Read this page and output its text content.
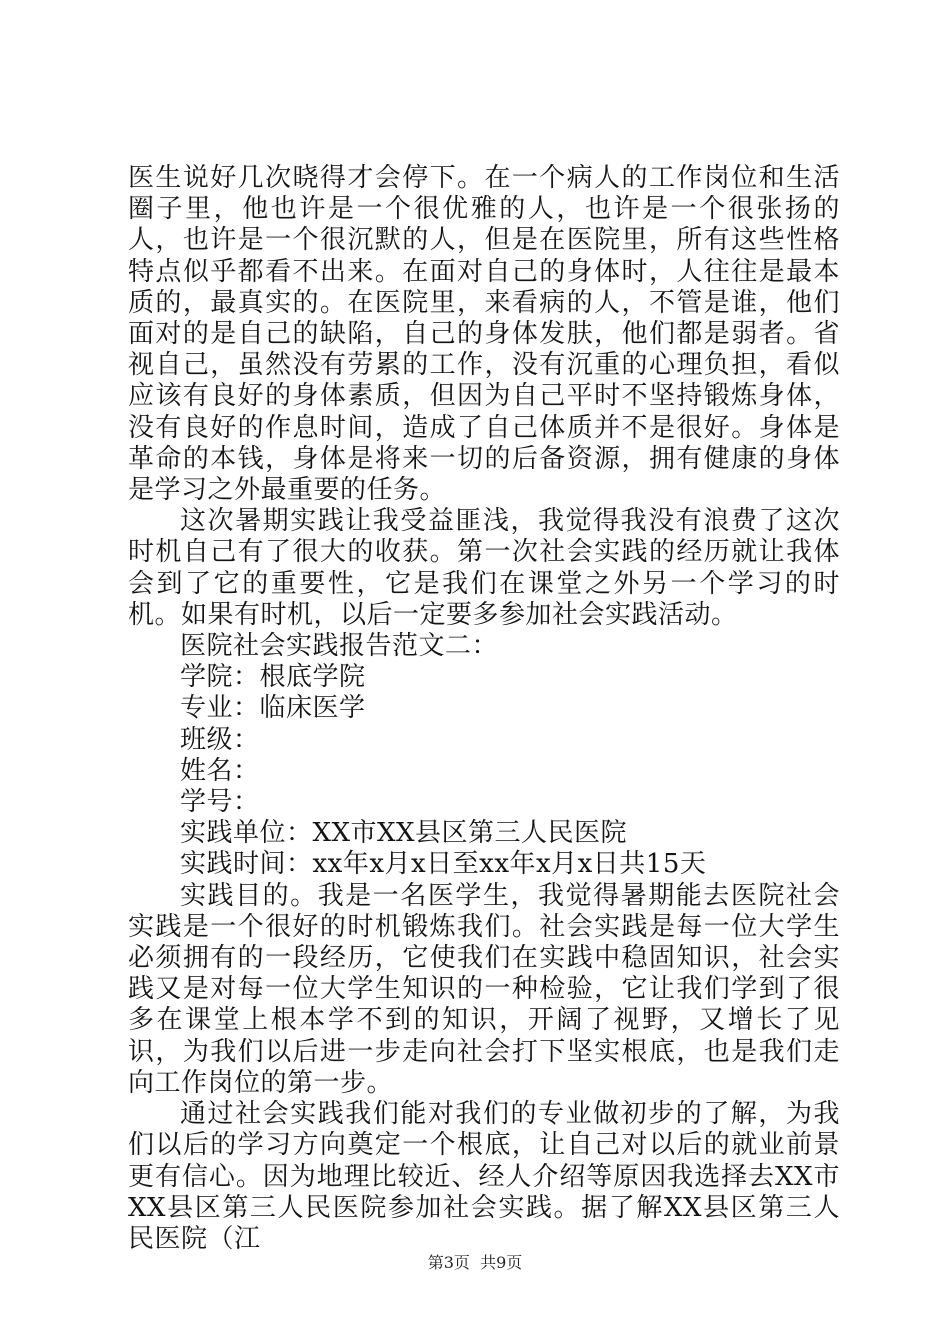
医生说好几次晓得才会停下。在一个病人的工作岗位和生活圈子里，他也许是一个很优雅的人，也许是一个很张扬的人，也许是一个很沉默的人，但是在医院里，所有这些性格特点似乎都看不出来。在面对自己的身体时，人往往是最本质的，最真实的。在医院里，来看病的人，不管是谁，他们面对的是自己的缺陷，自己的身体发肤，他们都是弱者。省视自己，虽然没有劳累的工作，没有沉重的心理负担，看似应该有良好的身体素质，但因为自己平时不坚持锻炼身体，没有良好的作息时间，造成了自己体质并不是很好。身体是革命的本钱，身体是将来一切的后备资源，拥有健康的身体是学习之外最重要的任务。

这次暑期实践让我受益匪浅，我觉得我没有浪费了这次时机自己有了很大的收获。第一次社会实践的经历就让我体会到了它的重要性，它是我们在课堂之外另一个学习的时机。如果有时机，以后一定要多参加社会实践活动。

医院社会实践报告范文二：

学院：根底学院

专业：临床医学

班级：

姓名：

学号：

实践单位：XX市XX县区第三人民医院

实践时间：xx年x月x日至xx年x月x日共15天

实践目的。我是一名医学生，我觉得暑期能去医院社会实践是一个很好的时机锻炼我们。社会实践是每一位大学生必须拥有的一段经历，它使我们在实践中稳固知识，社会实践又是对每一位大学生知识的一种检验，它让我们学到了很多在课堂上根本学不到的知识，开阔了视野，又增长了见识，为我们以后进一步走向社会打下坚实根底，也是我们走向工作岗位的第一步。

通过社会实践我们能对我们的专业做初步的了解，为我们以后的学习方向奠定一个根底，让自己对以后的就业前景更有信心。因为地理比较近、经人介绍等原因我选择去XX市XX县区第三人民医院参加社会实践。据了解XX县区第三人民医院（江

第3页  共9页
